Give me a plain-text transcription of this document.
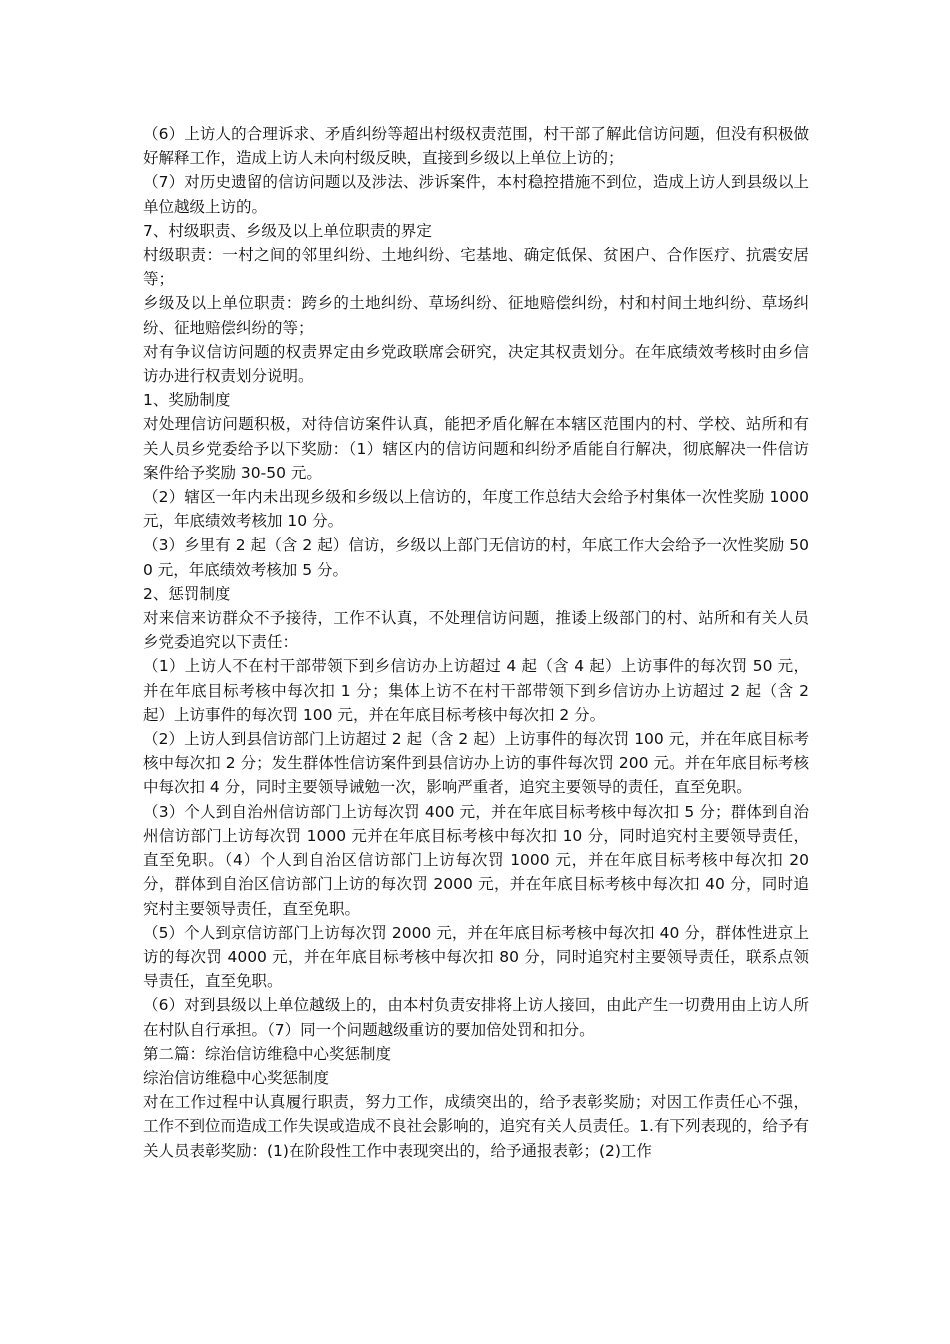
（6）上访人的合理诉求、矛盾纠纷等超出村级权责范围，村干部了解此信访问题，但没有积极做好解释工作，造成上访人未向村级反映，直接到乡级以上单位上访的；

（7）对历史遗留的信访问题以及涉法、涉诉案件，本村稳控措施不到位，造成上访人到县级以上单位越级上访的。

7、村级职责、乡级及以上单位职责的界定

村级职责：一村之间的邻里纠纷、土地纠纷、宅基地、确定低保、贫困户、合作医疗、抗震安居等；

乡级及以上单位职责：跨乡的土地纠纷、草场纠纷、征地赔偿纠纷，村和村间土地纠纷、草场纠纷、征地赔偿纠纷的等；

对有争议信访问题的权责界定由乡党政联席会研究，决定其权责划分。在年底绩效考核时由乡信访办进行权责划分说明。

1、奖励制度

对处理信访问题积极，对待信访案件认真，能把矛盾化解在本辖区范围内的村、学校、站所和有关人员乡党委给予以下奖励：（1）辖区内的信访问题和纠纷矛盾能自行解决，彻底解决一件信访案件给予奖励 30-50 元。

（2）辖区一年内未出现乡级和乡级以上信访的，年度工作总结大会给予村集体一次性奖励 1000 元，年底绩效考核加 10 分。

（3）乡里有 2 起（含 2 起）信访，乡级以上部门无信访的村，年底工作大会给予一次性奖励 500 元，年底绩效考核加 5 分。

2、惩罚制度

对来信来访群众不予接待，工作不认真，不处理信访问题，推诿上级部门的村、站所和有关人员乡党委追究以下责任：

（1）上访人不在村干部带领下到乡信访办上访超过 4 起（含 4 起）上访事件的每次罚 50 元，并在年底目标考核中每次扣 1 分；集体上访不在村干部带领下到乡信访办上访超过 2 起（含 2 起）上访事件的每次罚 100 元，并在年底目标考核中每次扣 2 分。

（2）上访人到县信访部门上访超过 2 起（含 2 起）上访事件的每次罚 100 元，并在年底目标考核中每次扣 2 分；发生群体性信访案件到县信访办上访的事件每次罚 200 元。并在年底目标考核中每次扣 4 分，同时主要领导诫勉一次，影响严重者，追究主要领导的责任，直至免职。

（3）个人到自治州信访部门上访每次罚 400 元，并在年底目标考核中每次扣 5 分；群体到自治州信访部门上访每次罚 1000 元并在年底目标考核中每次扣 10 分，同时追究村主要领导责任，直至免职。（4）个人到自治区信访部门上访每次罚 1000 元，并在年底目标考核中每次扣 20 分，群体到自治区信访部门上访的每次罚 2000 元，并在年底目标考核中每次扣 40 分，同时追究村主要领导责任，直至免职。

（5）个人到京信访部门上访每次罚 2000 元，并在年底目标考核中每次扣 40 分，群体性进京上访的每次罚 4000 元，并在年底目标考核中每次扣 80 分，同时追究村主要领导责任，联系点领导责任，直至免职。

（6）对到县级以上单位越级上的，由本村负责安排将上访人接回，由此产生一切费用由上访人所在村队自行承担。（7）同一个问题越级重访的要加倍处罚和扣分。

第二篇：综治信访维稳中心奖惩制度

综治信访维稳中心奖惩制度

对在工作过程中认真履行职责，努力工作，成绩突出的，给予表彰奖励；对因工作责任心不强，工作不到位而造成工作失误或造成不良社会影响的，追究有关人员责任。1.有下列表现的，给予有关人员表彰奖励：(1)在阶段性工作中表现突出的，给予通报表彰；(2)工作
